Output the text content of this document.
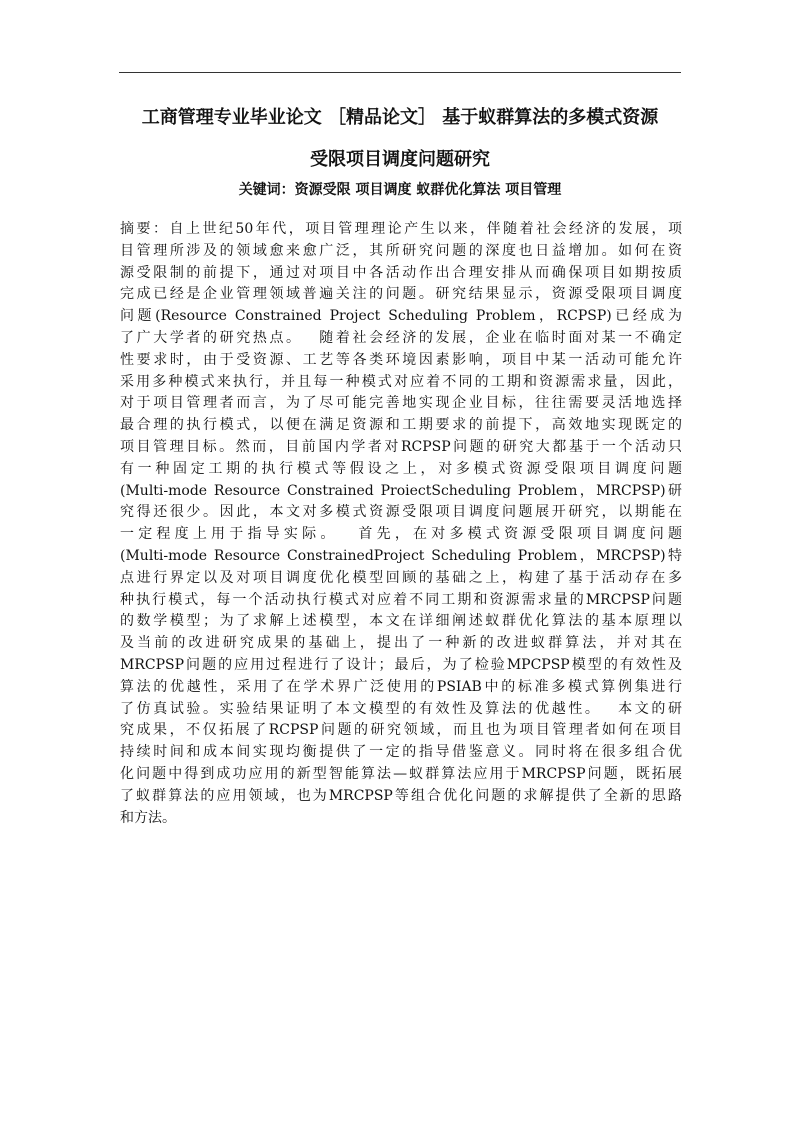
工商管理专业毕业论文 ［精品论文］ 基于蚁群算法的多模式资源
受限项目调度问题研究
关键词：资源受限 项目调度 蚁群优化算法 项目管理
摘要：自上世纪50年代，项目管理理论产生以来，伴随着社会经济的发展，项
目管理所涉及的领域愈来愈广泛，其所研究问题的深度也日益增加。如何在资
源受限制的前提下，通过对项目中各活动作出合理安排从而确保项目如期按质
完成已经是企业管理领域普遍关注的问题。研究结果显示，资源受限项目调度
问题(Resource Constrained Project Scheduling Problem，RCPSP)已经成为
了广大学者的研究热点。　 随着社会经济的发展，企业在临时面对某一不确定
性要求时，由于受资源、工艺等各类环境因素影响，项目中某一活动可能允许
采用多种模式来执行，并且每一种模式对应着不同的工期和资源需求量，因此，
对于项目管理者而言，为了尽可能完善地实现企业目标，往往需要灵活地选择
最合理的执行模式，以便在满足资源和工期要求的前提下，高效地实现既定的
项目管理目标。然而，目前国内学者对RCPSP问题的研究大都基于一个活动只
有一种固定工期的执行模式等假设之上，对多模式资源受限项目调度问题
(Multi-mode Resource Constrained ProiectScheduling Problem，MRCPSP)研
究得还很少。因此，本文对多模式资源受限项目调度问题展开研究，以期能在
一定程度上用于指导实际。　 首先，在对多模式资源受限项目调度问题
(Multi-mode Resource ConstrainedProject Scheduling Problem，MRCPSP)特
点进行界定以及对项目调度优化模型回顾的基础之上，构建了基于活动存在多
种执行模式，每一个活动执行模式对应着不同工期和资源需求量的MRCPSP问题
的数学模型；为了求解上述模型，本文在详细阐述蚁群优化算法的基本原理以
及当前的改进研究成果的基础上，提出了一种新的改进蚁群算法，并对其在
MRCPSP问题的应用过程进行了设计；最后，为了检验MPCPSP模型的有效性及
算法的优越性，采用了在学术界广泛使用的PSIAB中的标准多模式算例集进行
了仿真试验。实验结果证明了本文模型的有效性及算法的优越性。　 本文的研
究成果，不仅拓展了RCPSP问题的研究领域，而且也为项目管理者如何在项目
持续时间和成本间实现均衡提供了一定的指导借鉴意义。同时将在很多组合优
化问题中得到成功应用的新型智能算法—蚁群算法应用于MRCPSP问题，既拓展
了蚁群算法的应用领域，也为MRCPSP等组合优化问题的求解提供了全新的思路
和方法。
